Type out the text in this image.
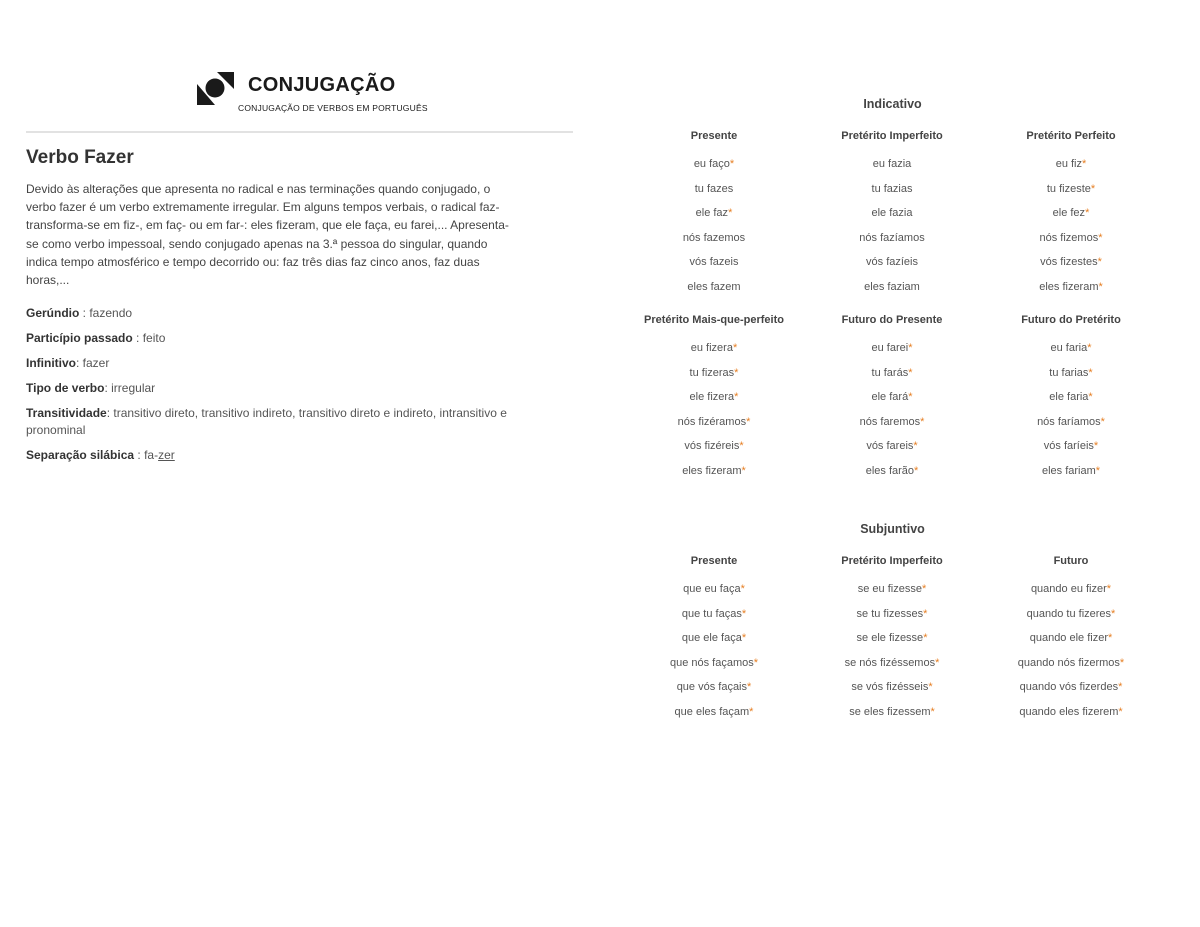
CONJUGAÇÃO
CONJUGAÇÃO DE VERBOS EM PORTUGUÊS
Verbo Fazer

Devido às alterações que apresenta no radical e nas terminações quando conjugado, o verbo fazer é um verbo extremamente irregular. Em alguns tempos verbais, o radical faz- transforma-se em fiz-, em faç- ou em far-: eles fizeram, que ele faça, eu farei,... Apresenta-se como verbo impessoal, sendo conjugado apenas na 3.ª pessoa do singular, quando indica tempo atmosférico e tempo decorrido ou: faz três dias faz cinco anos, faz duas horas,...

Gerúndio : fazendo
Particípio passado : feito
Infinitivo: fazer
Tipo de verbo: irregular
Transitividade: transitivo direto, transitivo indireto, transitivo direto e indireto, intransitivo e pronominal
Separação silábica : fa-zer
Indicativo
Presente
eu faço*
tu fazes
ele faz*
nós fazemos
vós fazeis
eles fazem
Pretérito Imperfeito
eu fazia
tu fazias
ele fazia
nós fazíamos
vós fazíeis
eles faziam
Pretérito Perfeito
eu fiz*
tu fizeste*
ele fez*
nós fizemos*
vós fizestes*
eles fizeram*
Pretérito Mais-que-perfeito
eu fizera*
tu fizeras*
ele fizera*
nós fizéramos*
vós fizéreis*
eles fizeram*
Futuro do Presente
eu farei*
tu farás*
ele fará*
nós faremos*
vós fareis*
eles farão*
Futuro do Pretérito
eu faria*
tu farias*
ele faria*
nós faríamos*
vós faríeis*
eles fariam*
Subjuntivo
Presente
que eu faça*
que tu faças*
que ele faça*
que nós façamos*
que vós façais*
que eles façam*
Pretérito Imperfeito
se eu fizesse*
se tu fizesses*
se ele fizesse*
se nós fizéssemos*
se vós fizésseis*
se eles fizessem*
Futuro
quando eu fizer*
quando tu fizeres*
quando ele fizer*
quando nós fizermos*
quando vós fizerdes*
quando eles fizerem*
